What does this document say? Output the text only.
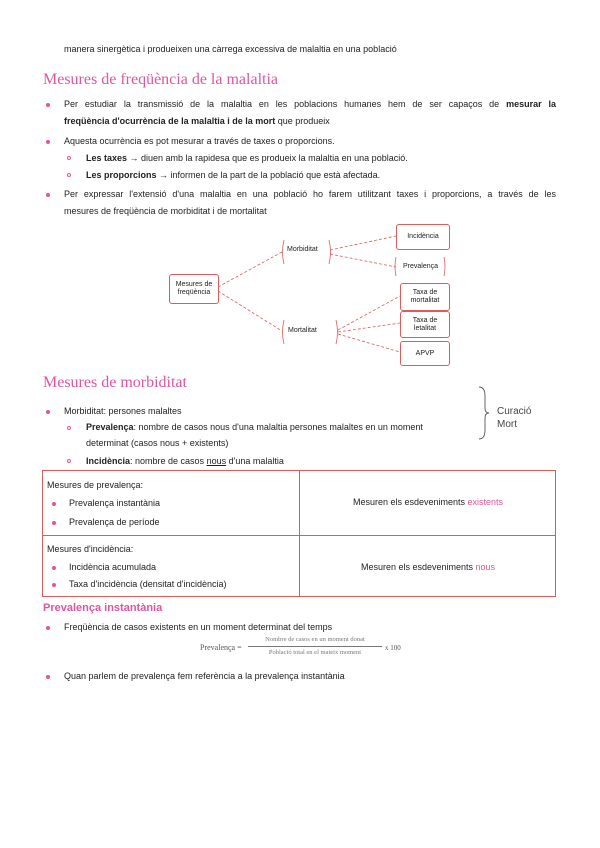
manera sinergètica i produeixen una càrrega excessiva de malaltia en una població
Mesures de freqüència de la malaltia
Per estudiar la transmissió de la malaltia en les poblacions humanes hem de ser capaços de mesurar la
freqüència d'ocurrència de la malaltia i de la mort que produeix
Aquesta ocurrència es pot mesurar a través de taxes o proporcions.
Les taxes → diuen amb la rapidesa que es produeix la malaltia en una població.
Les proporcions → informen de la part de la població que està afectada.
Per expressar l'extensió d'una malaltia en una població ho farem utilitzant taxes i proporcions, a través de les
mesures de freqüència de morbiditat i de mortalitat
Mesures de freqüència
Morbiditat
Mortalitat
Incidència
Prevalença
Taxa de mortalitat
Taxa de letalitat
APVP
Mesures de morbiditat
Morbiditat: persones malaltes
Prevalença: nombre de casos nous d'una malaltia persones malaltes en un moment
determinat (casos nous + existents)
Incidència: nombre de casos nous d'una malaltia
Curació
Mort
Mesures de prevalença:
Prevalença instantània
Prevalença de període
Mesuren els esdeveniments existents
Mesures d'incidència:
Incidència acumulada
Taxa d'incidència (densitat d'incidència)
Mesuren els esdeveniments nous
Prevalença instantània
Freqüència de casos existents en un moment determinat del temps
Prevalença =
Nombre de casos en un moment donat
Població total en el mateix moment
x 100
Quan parlem de prevalença fem referència a la prevalença instantània
